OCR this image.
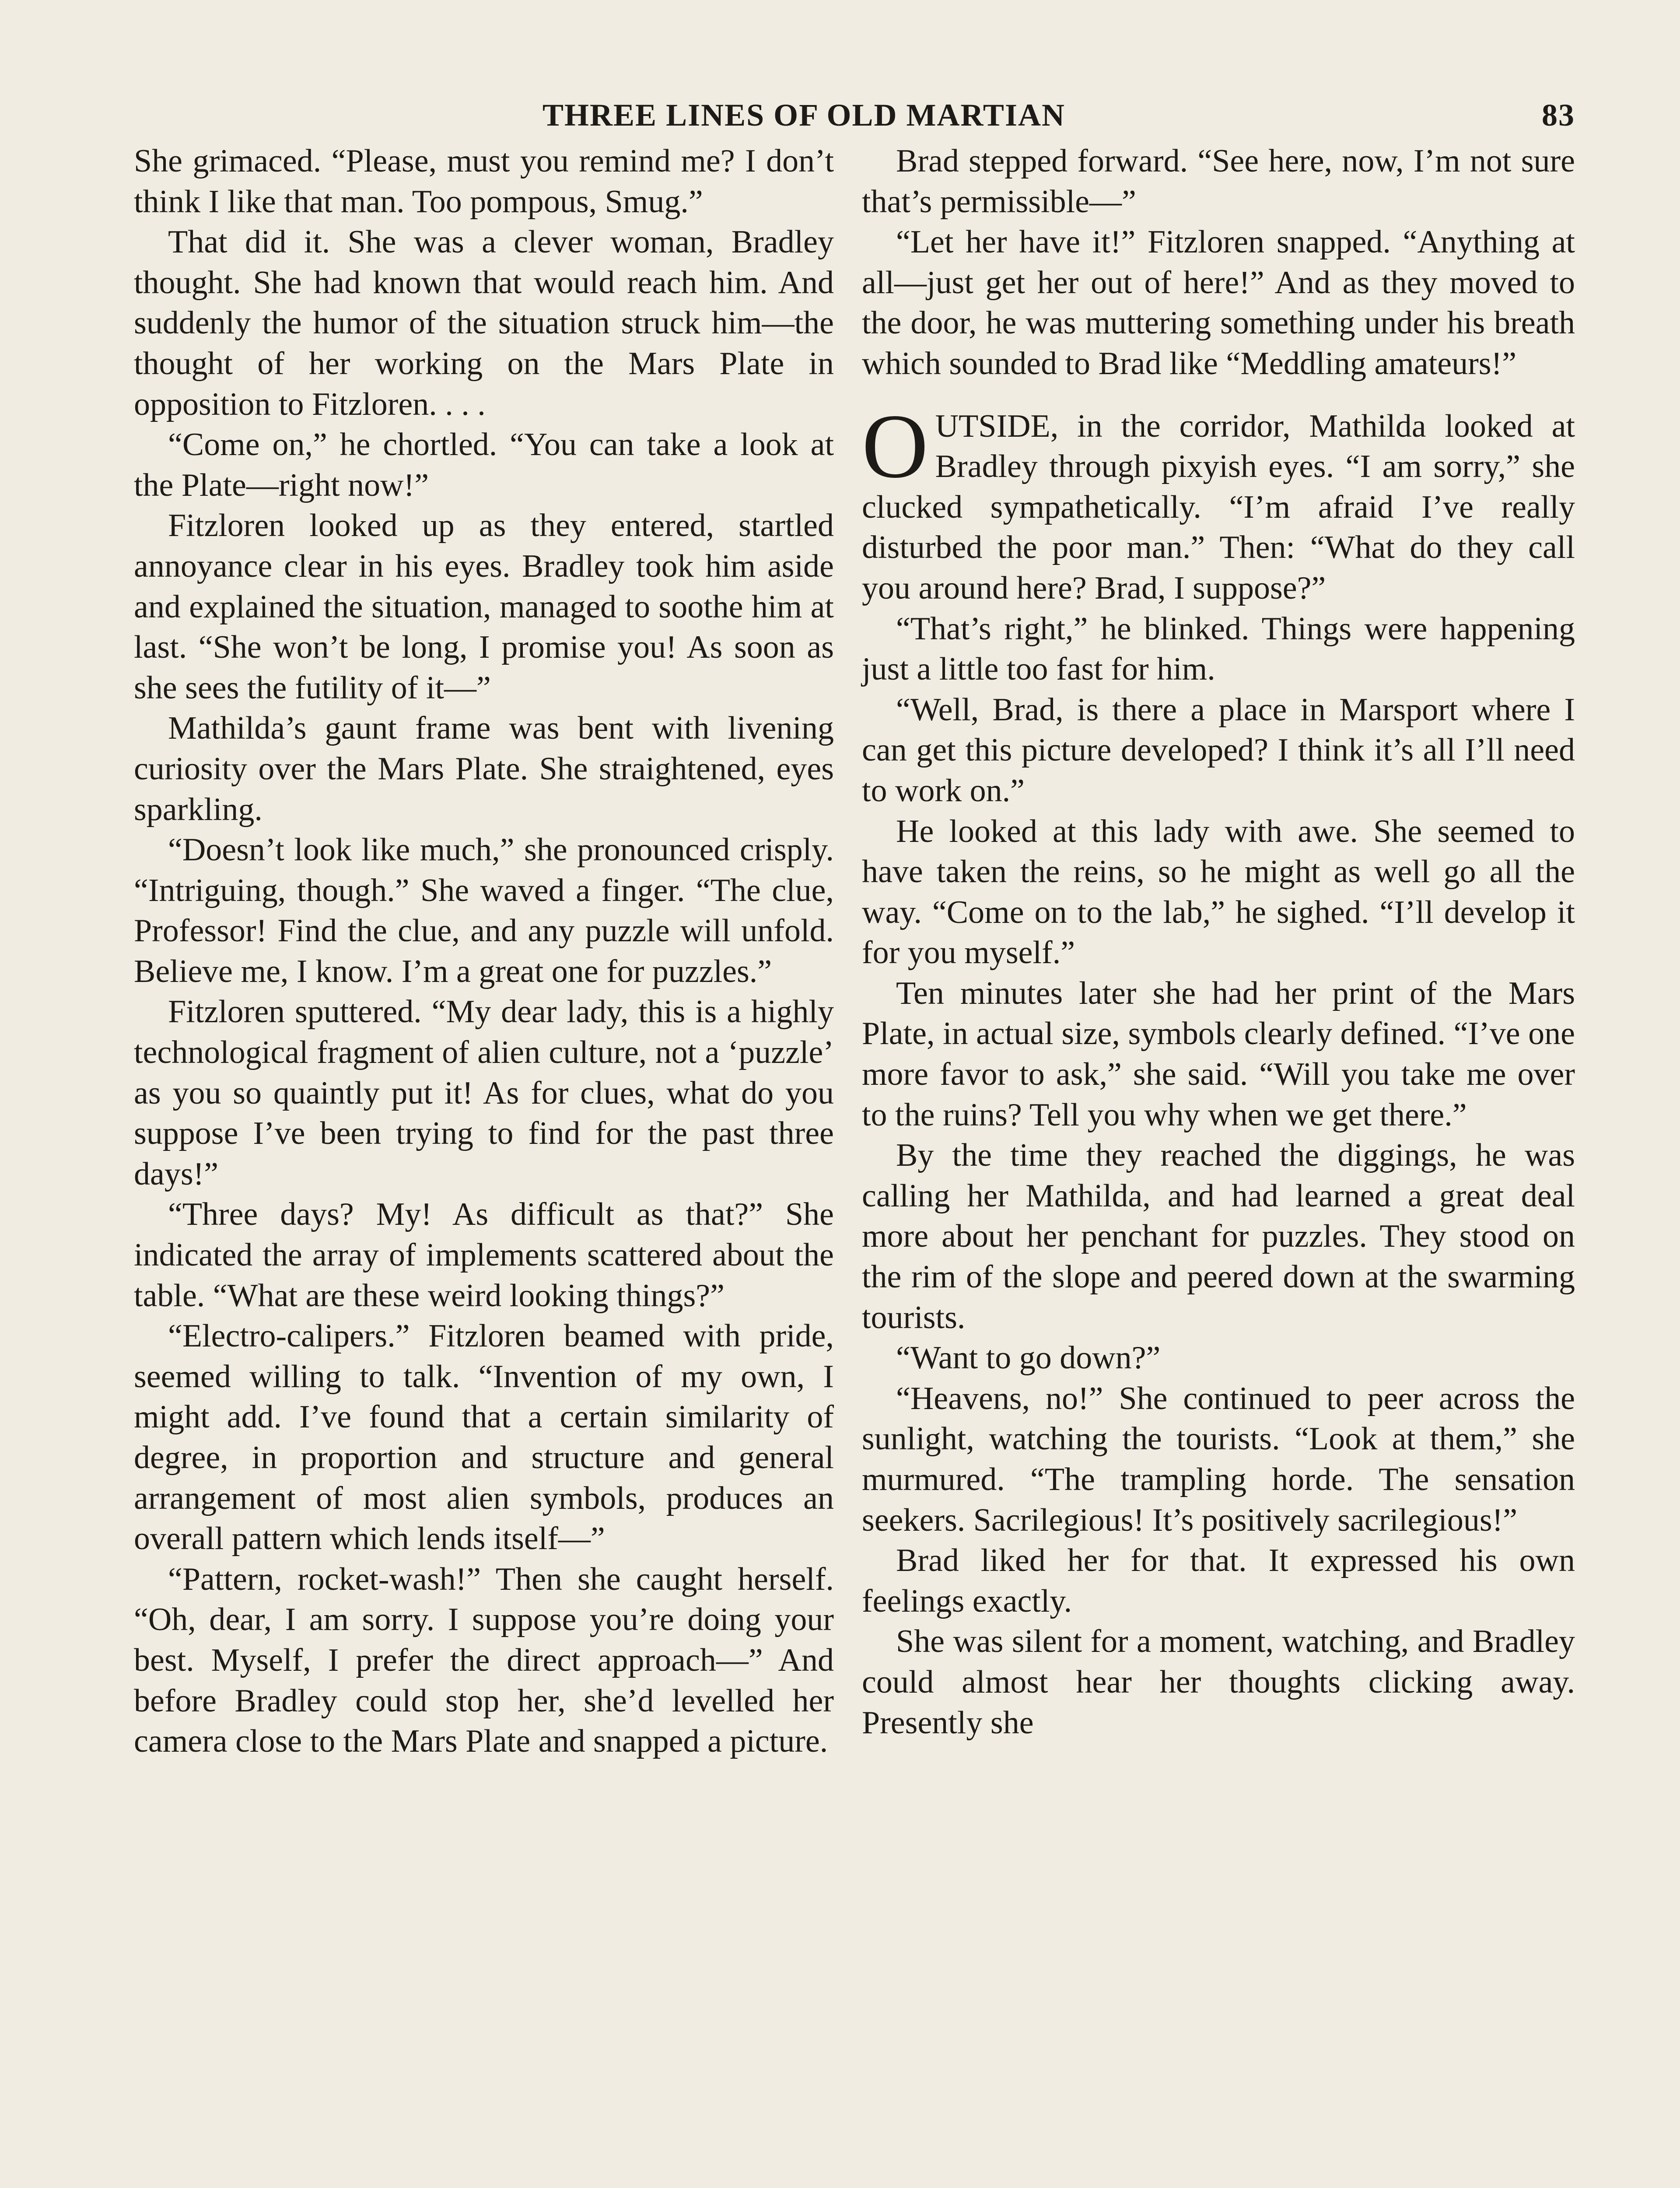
THREE LINES OF OLD MARTIAN	83

She grimaced. “Please, must you remind me? I don’t think I like that man. Too pompous, Smug.”

That did it. She was a clever woman, Bradley thought. She had known that would reach him. And suddenly the humor of the situation struck him—the thought of her working on the Mars Plate in opposition to Fitzloren. . . .

“Come on,” he chortled. “You can take a look at the Plate—right now!”

Fitzloren looked up as they entered, startled annoyance clear in his eyes. Bradley took him aside and explained the situation, managed to soothe him at last. “She won’t be long, I promise you! As soon as she sees the futility of it—”

Mathilda’s gaunt frame was bent with livening curiosity over the Mars Plate. She straightened, eyes sparkling.

“Doesn’t look like much,” she pronounced crisply. “Intriguing, though.” She waved a finger. “The clue, Professor! Find the clue, and any puzzle will unfold. Believe me, I know. I’m a great one for puzzles.”

Fitzloren sputtered. “My dear lady, this is a highly technological fragment of alien culture, not a ‘puzzle’ as you so quaintly put it! As for clues, what do you suppose I’ve been trying to find for the past three days!”

“Three days? My! As difficult as that?” She indicated the array of implements scattered about the table. “What are these weird looking things?”

“Electro-calipers.” Fitzloren beamed with pride, seemed willing to talk. “Invention of my own, I might add. I’ve found that a certain similarity of degree, in proportion and structure and general arrangement of most alien symbols, produces an overall pattern which lends itself—”

“Pattern, rocket-wash!” Then she caught herself. “Oh, dear, I am sorry. I suppose you’re doing your best. Myself, I prefer the direct approach—” And before Bradley could stop her, she’d levelled her camera close to the Mars Plate and snapped a picture.

Brad stepped forward. “See here, now, I’m not sure that’s permissible—”

“Let her have it!” Fitzloren snapped. “Anything at all—just get her out of here!” And as they moved to the door, he was muttering something under his breath which sounded to Brad like “Meddling amateurs!”

OUTSIDE, in the corridor, Mathilda looked at Bradley through pixyish eyes. “I am sorry,” she clucked sympathetically. “I’m afraid I’ve really disturbed the poor man.” Then: “What do they call you around here? Brad, I suppose?”

“That’s right,” he blinked. Things were happening just a little too fast for him.

“Well, Brad, is there a place in Marsport where I can get this picture developed? I think it’s all I’ll need to work on.”

He looked at this lady with awe. She seemed to have taken the reins, so he might as well go all the way. “Come on to the lab,” he sighed. “I’ll develop it for you myself.”

Ten minutes later she had her print of the Mars Plate, in actual size, symbols clearly defined. “I’ve one more favor to ask,” she said. “Will you take me over to the ruins? Tell you why when we get there.”

By the time they reached the diggings, he was calling her Mathilda, and had learned a great deal more about her penchant for puzzles. They stood on the rim of the slope and peered down at the swarming tourists.

“Want to go down?”

“Heavens, no!” She continued to peer across the sunlight, watching the tourists. “Look at them,” she murmured. “The trampling horde. The sensation seekers. Sacrilegious! It’s positively sacrilegious!”

Brad liked her for that. It expressed his own feelings exactly.

She was silent for a moment, watching, and Bradley could almost hear her thoughts clicking away. Presently she
